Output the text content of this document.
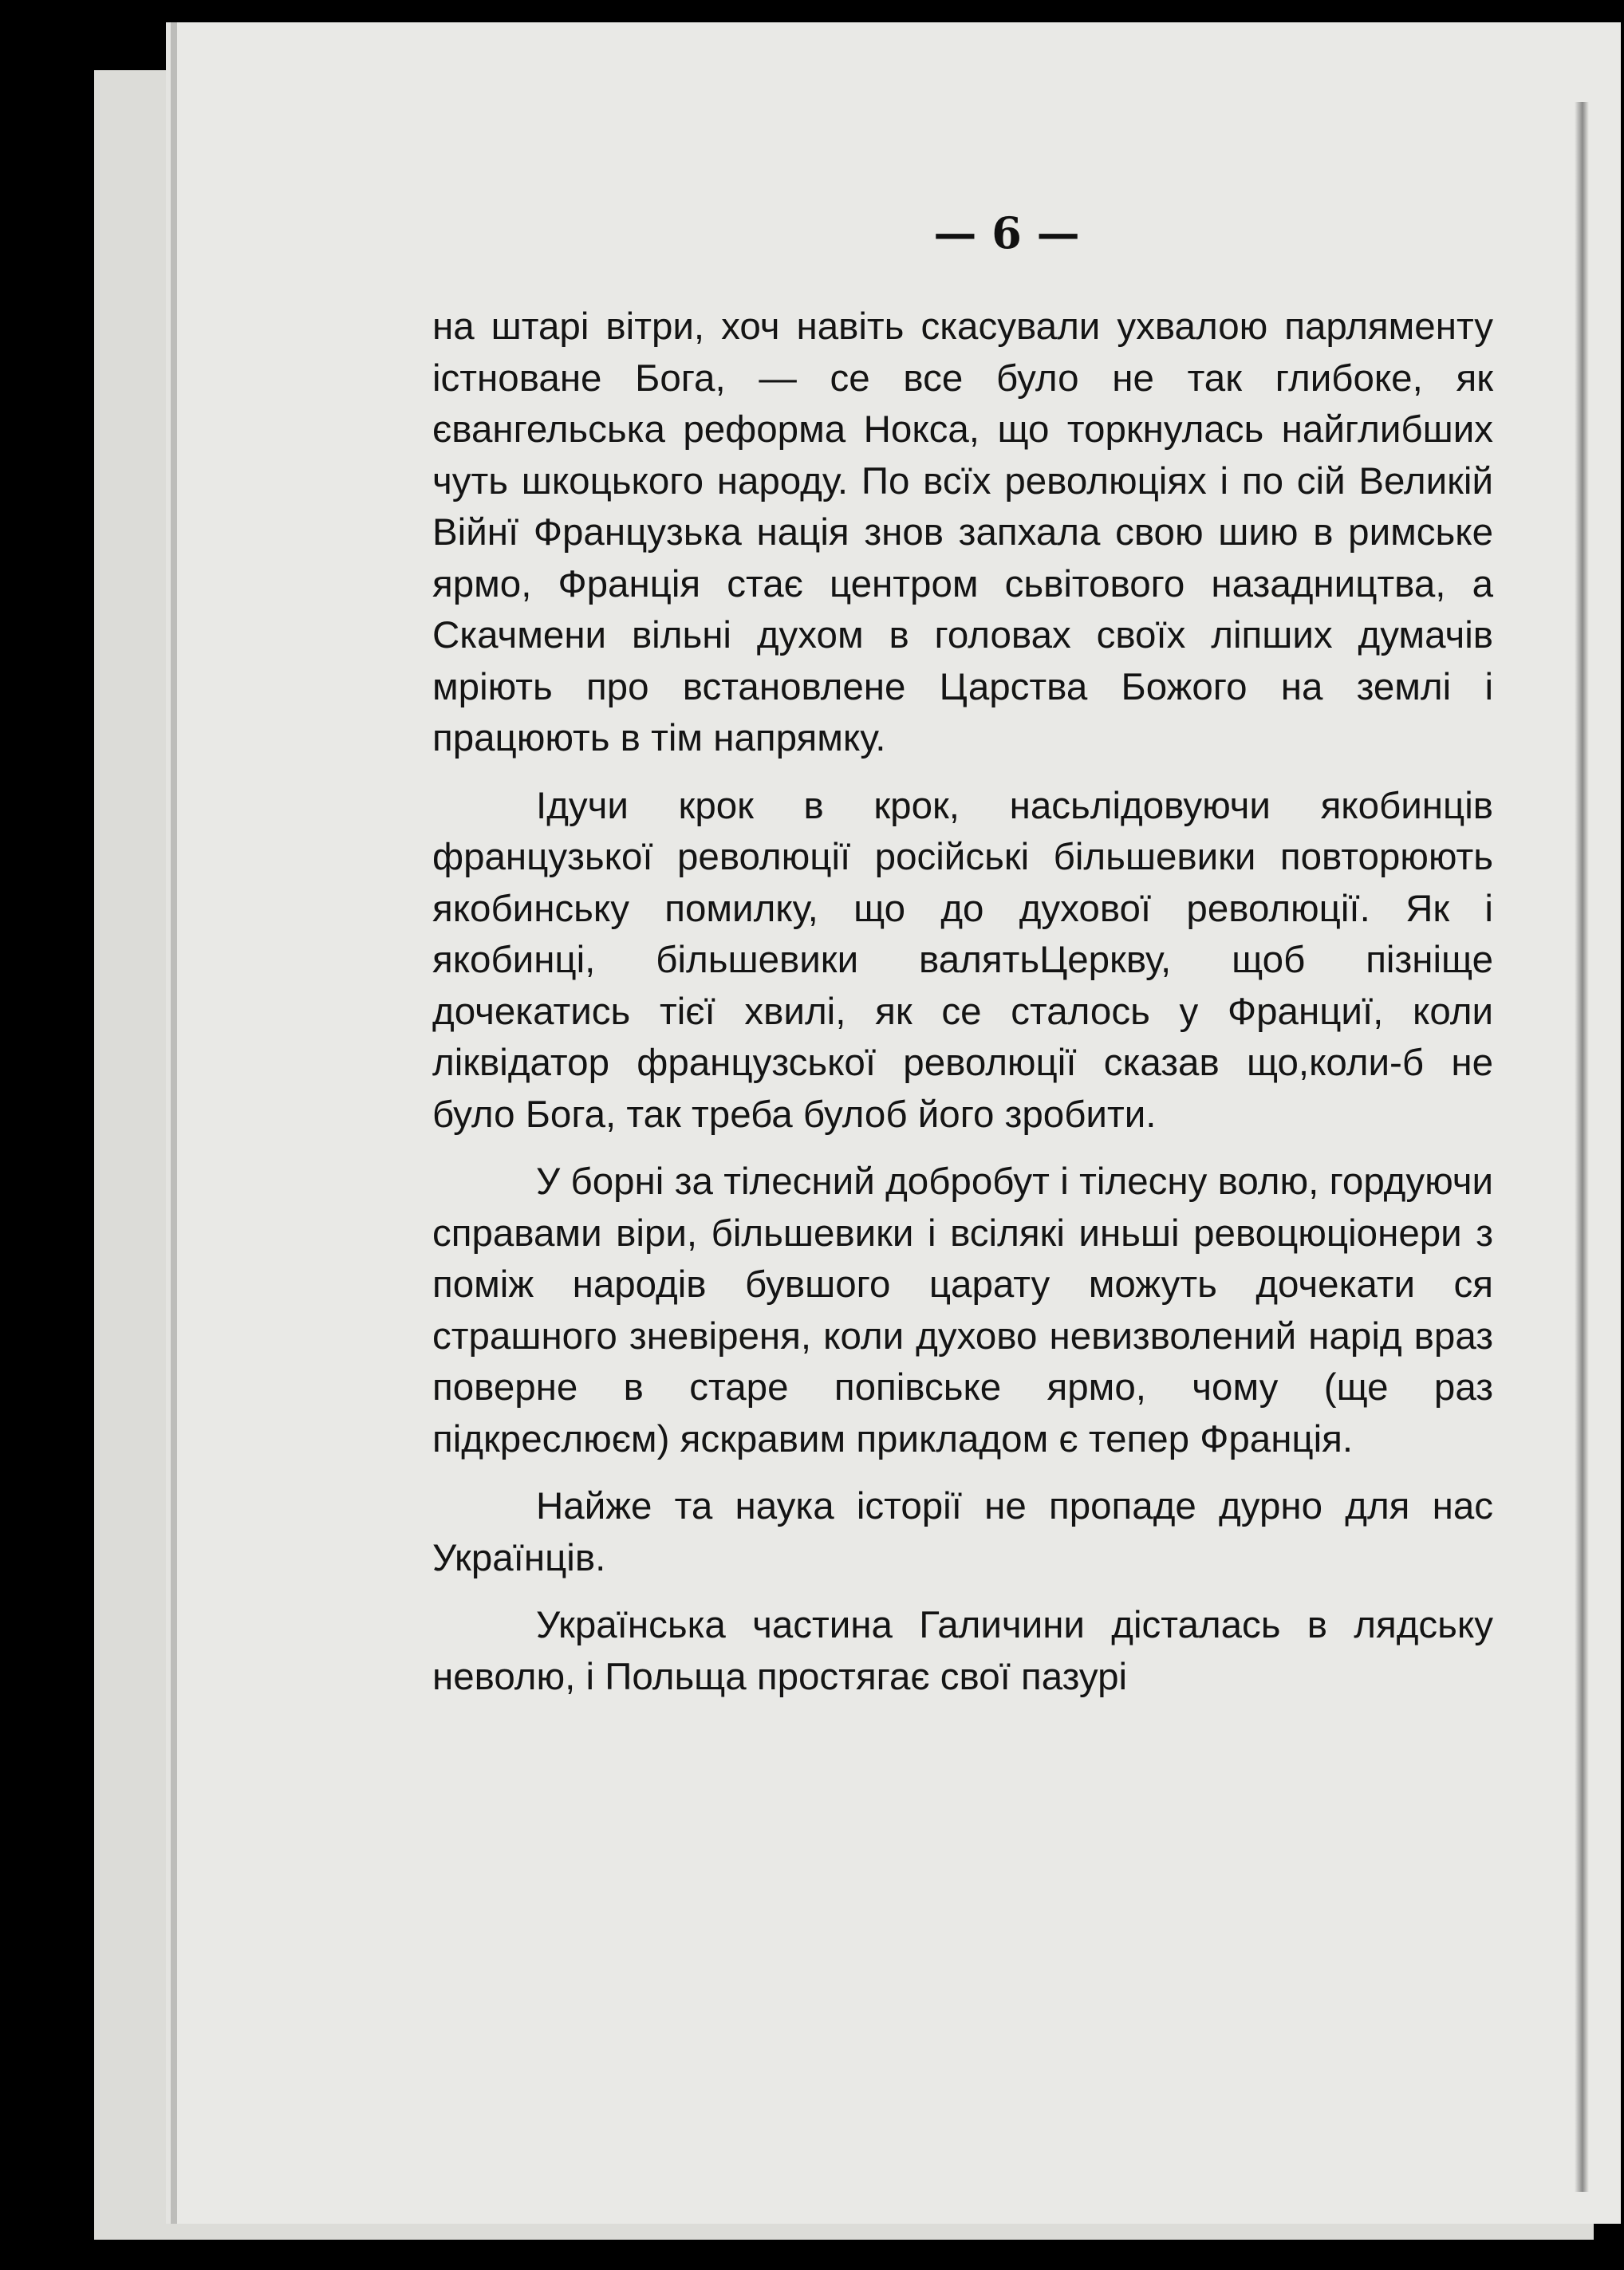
— 6 —

на штарі вітри, хоч навіть скасували ухвалою парляменту істноване Бога, — се все було не так глибоке, як євангельська реформа Нокса, що торкнулась найглибших чуть шкоцького народу. По всїх революціях і по сій Великій Війнї Французька нація знов запхала свою шию в римське ярмо, Франція стає центром сьвітового назадництва, а Скачмени вільні духом в головах своїх ліпших думачів мріють про встановлене Царства Божого на землі і працюють в тім напрямку.

Ідучи крок в крок, насьлідовуючи якобинців французької революції російські більшевики повторюють якобинську помилку, що до духової революції. Як і якобинці, більшевики валятьЦеркву, щоб пізніще дочекатись тієї хвилі, як се сталось у Франциї, коли ліквідатор французської революції сказав що,коли-б не було Бога, так треба булоб його зробити.

У борні за тілесний добробут і тілесну волю, гордуючи справами віри, більшевики і всілякі иньші ревоцюціонери з поміж народів бувшого царату можуть дочекати ся страшного зневіреня, коли духово невизволений нарід враз поверне в старе попівське ярмо, чому (ще раз підкреслюєм) яскравим прикладом є тепер Франція.

Найже та наука історії не пропаде дурно для нас Українців.

Українська частина Галичини дісталась в лядську неволю, і Польща простягає свої пазурі
